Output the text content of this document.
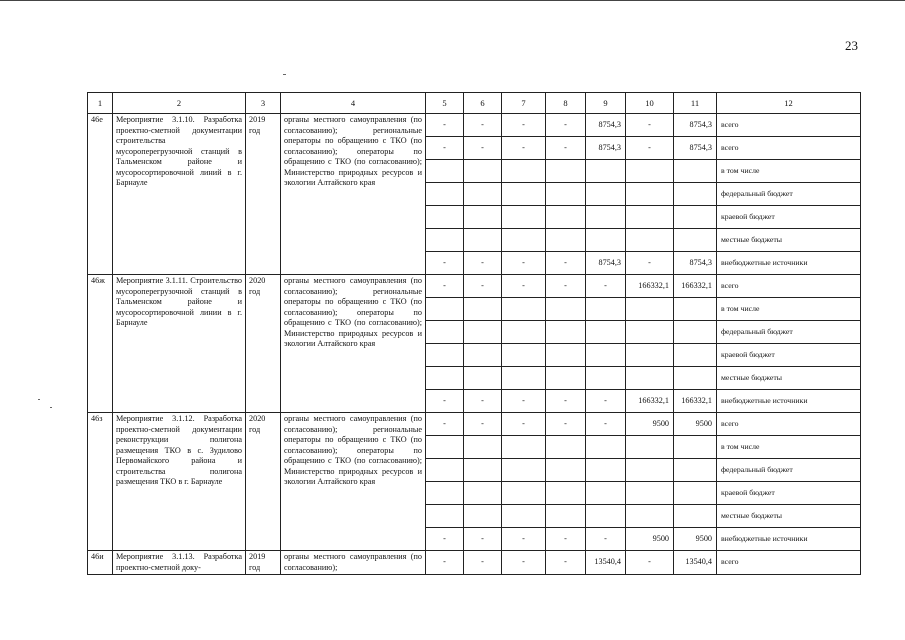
23
1	2	3	4	5	6	7	8	9	10	11	12
46е	Мероприятие 3.1.10. Разработка проектно-сметной документации строительства мусороперегрузочной станций в Тальменском районе и мусоросортировочной линий в г. Барнауле	2019 год	органы местного самоуправления (по согласованию); региональные операторы по обращению с ТКО (по согласованию); операторы по обращению с ТКО (по согласованию); Министерство природных ресурсов и экологии Алтайского края	-	-	-	-	8754,3	-	8754,3	всего
				-	-	-	-	8754,3	-	8754,3	всего
											в том числе
											федеральный бюджет
											краевой бюджет
											местные бюджеты
				-	-	-	-	8754,3	-	8754,3	внебюджетные источники
46ж	Мероприятие 3.1.11. Строительство мусороперегрузочной станций в Тальменском районе и мусоросортировочной линии в г. Барнауле	2020 год	органы местного самоуправления (по согласованию); региональные операторы по обращению с ТКО (по согласованию); операторы по обращению с ТКО (по согласованию); Министерство природных ресурсов и экологии Алтайского края	-	-	-	-	-	166332,1	166332,1	всего
											в том числе
											федеральный бюджет
											краевой бюджет
											местные бюджеты
				-	-	-	-	-	166332,1	166332,1	внебюджетные источники
46з	Мероприятие 3.1.12. Разработка проектно-сметной документации реконструкции полигона размещения ТКО в с. Зудилово Первомайского района и строительства полигона размещения ТКО в г. Барнауле	2020 год	органы местного самоуправления (по согласованию); региональные операторы по обращению с ТКО (по согласованию); операторы по обращению с ТКО (по согласованию); Министерство природных ресурсов и экологии Алтайского края	-	-	-	-	-	9500	9500	всего
											в том числе
											федеральный бюджет
											краевой бюджет
											местные бюджеты
				-	-	-	-	-	9500	9500	внебюджетные источники
46и	Мероприятие 3.1.13. Разработка проектно-сметной доку-	2019 год	органы местного самоуправления (по согласованию);	-	-	-	-	13540,4	-	13540,4	всего
